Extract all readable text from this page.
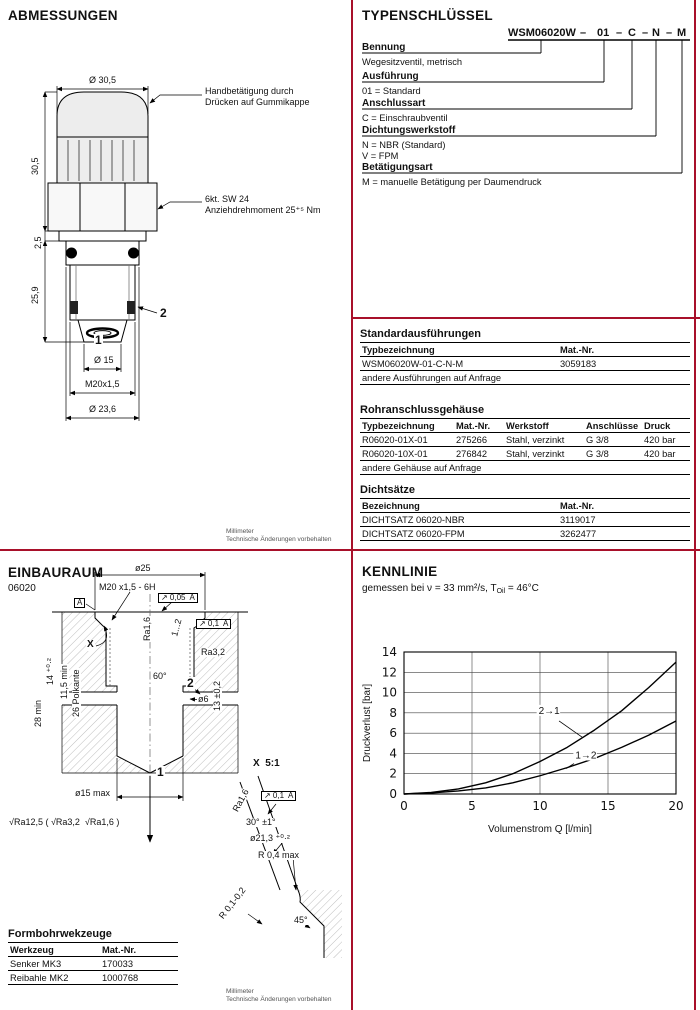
ABMESSUNGEN
Handbetätigung durch
Drücken auf Gummikappe
Ø 30,5
30,5
2,5
25,9
6kt. SW 24
Anziehdrehmoment 25⁺⁵ Nm
2
1
Ø 15
M20x1,5
Ø 23,6
Millimeter
Technische Änderungen vorbehalten
TYPENSCHLÜSSEL
WSM06020W 01 C N M
–	– – –
Bennung
Wegesitzventil, metrisch
Ausführung
01 = Standard
Anschlussart
C = Einschraubventil
Dichtungswerkstoff
N = NBR (Standard)
V = FPM
Betätigungsart
M = manuelle Betätigung per Daumendruck
Standardausführungen
Typbezeichnung	Mat.-Nr.
WSM06020W-01-C-N-M	3059183
andere Ausführungen auf Anfrage
Rohranschlussgehäuse
Typbezeichnung	Mat.-Nr.	Werkstoff	Anschlüsse	Druck
R06020-01X-01	275266	Stahl, verzinkt	G 3/8	420 bar
R06020-10X-01	276842	Stahl, verzinkt	G 3/8	420 bar
andere Gehäuse auf Anfrage
Dichtsätze
Bezeichnung	Mat.-Nr.
DICHTSATZ 06020-NBR	3119017
DICHTSATZ 06020-FPM	3262477
EINBAURAUM
06020
ø25
M20 x1,5 - 6H
↗ 0,05  A
A
Ra1,6 1...2	↗ 0,1  A
X
Ra3,2
14 ⁺⁰·² 11,5 min 26 Polkante	60° 2
ø6 13 ±0,2
28 min
1
ø15 max
√Ra12,5 ( √Ra3,2  √Ra1,6 )
X  5:1
Ra1,6	↗ 0,1  A
30° ±1°
ø21,3 ⁺⁰·²
R 0,4 max
R 0,1-0,2	45°
Formbohrwekzeuge
Werkzeug	Mat.-Nr.
Senker MK3	170033
Reibahle MK2	1000768
Millimeter
Technische Änderungen vorbehalten
KENNLINIE
gemessen bei ν = 33 mm²/s, $T_{Oil} = 46^\circ C$
0	5	10	15	20
0
2
4
6
8
10
12
14
2→1
1→2
Druckverlust [bar]
Volumenstrom Q [l/min]
